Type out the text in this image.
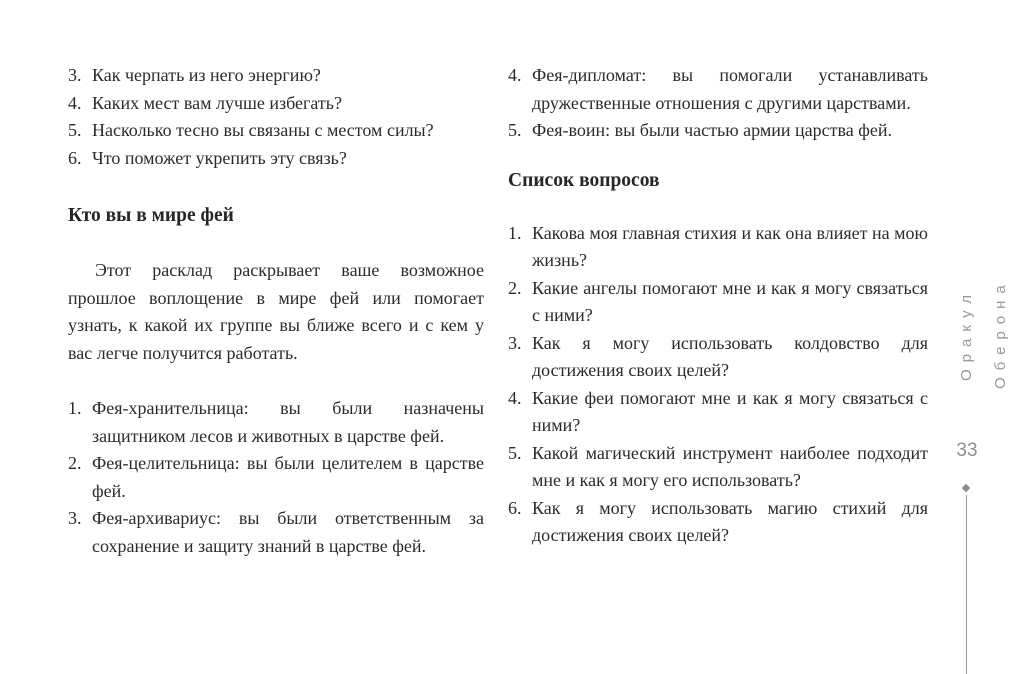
3. Как черпать из него энергию?
4. Каких мест вам лучше избегать?
5. Насколько тесно вы связаны с местом силы?
6. Что поможет укрепить эту связь?
Кто вы в мире фей

Этот расклад раскрывает ваше возможное прошлое воплощение в мире фей или помогает узнать, к какой их группе вы ближе всего и с кем у вас легче получится работать.

1. Фея-хранительница: вы были назначены защитником лесов и животных в царстве фей.
2. Фея-целительница: вы были целителем в царстве фей.
3. Фея-архивариус: вы были ответственным за сохранение и защиту знаний в царстве фей.
4. Фея-дипломат: вы помогали устанавливать дружественные отношения с другими царствами.
5. Фея-воин: вы были частью армии царства фей.
Список вопросов
1. Какова моя главная стихия и как она влияет на мою жизнь?
2. Какие ангелы помогают мне и как я могу связаться с ними?
3. Как я могу использовать колдовство для достижения своих целей?
4. Какие феи помогают мне и как я могу связаться с ними?
5. Какой магический инструмент наиболее подходит мне и как я могу его использовать?
6. Как я могу использовать магию стихий для достижения своих целей?
Оракул Оберона
33
